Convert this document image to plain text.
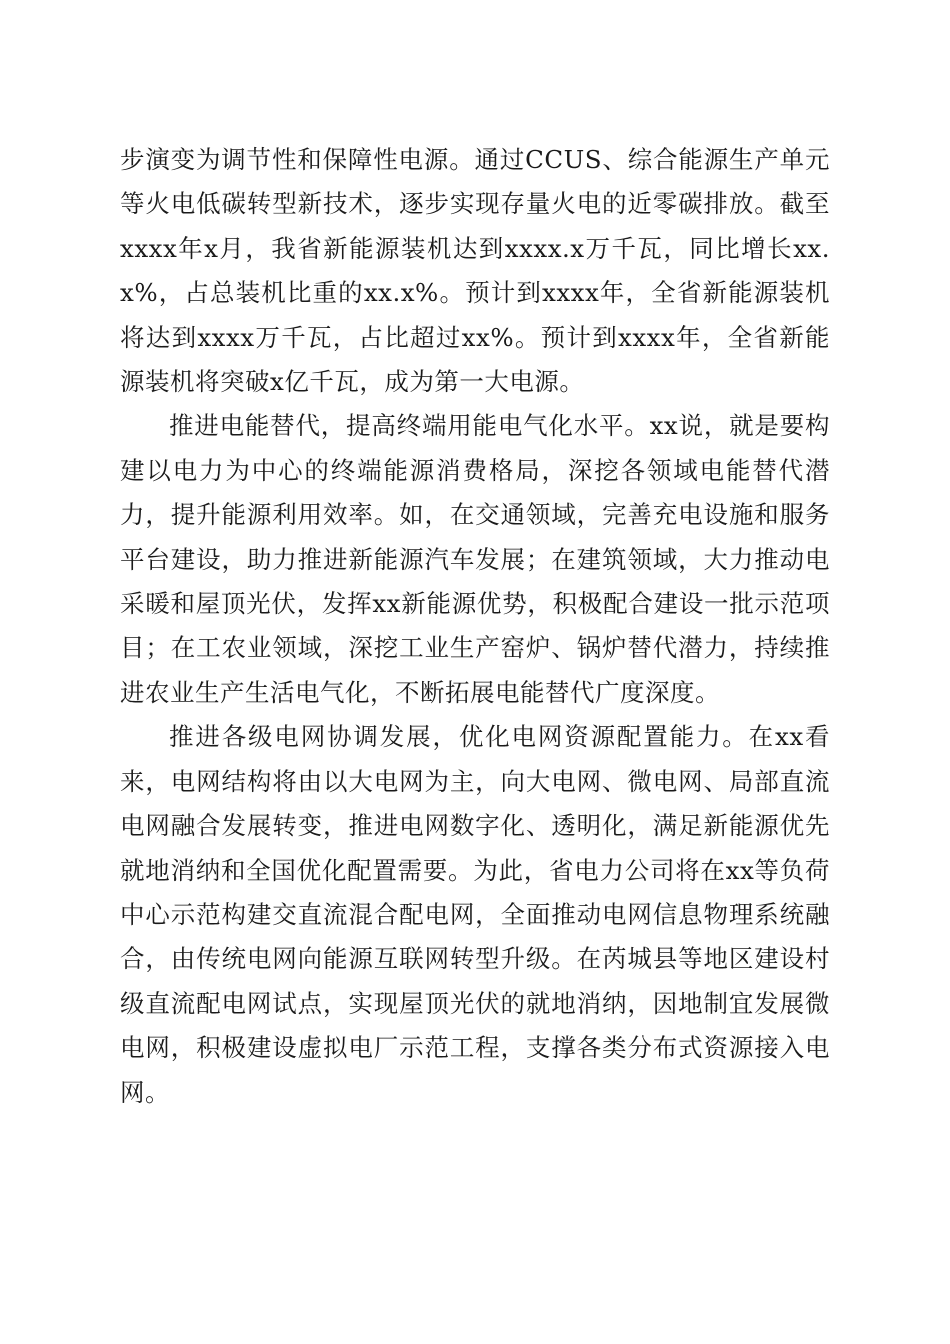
步演变为调节性和保障性电源。通过CCUS、综合能源生产单元等火电低碳转型新技术，逐步实现存量火电的近零碳排放。截至xxxx年x月，我省新能源装机达到xxxx.x万千瓦，同比增长xx.x%，占总装机比重的xx.x%。预计到xxxx年，全省新能源装机将达到xxxx万千瓦，占比超过xx%。预计到xxxx年，全省新能源装机将突破x亿千瓦，成为第一大电源。

推进电能替代，提高终端用能电气化水平。xx说，就是要构建以电力为中心的终端能源消费格局，深挖各领域电能替代潜力，提升能源利用效率。如，在交通领域，完善充电设施和服务平台建设，助力推进新能源汽车发展；在建筑领域，大力推动电采暖和屋顶光伏，发挥xx新能源优势，积极配合建设一批示范项目；在工农业领域，深挖工业生产窑炉、锅炉替代潜力，持续推进农业生产生活电气化，不断拓展电能替代广度深度。

推进各级电网协调发展，优化电网资源配置能力。在xx看来，电网结构将由以大电网为主，向大电网、微电网、局部直流电网融合发展转变，推进电网数字化、透明化，满足新能源优先就地消纳和全国优化配置需要。为此，省电力公司将在xx等负荷中心示范构建交直流混合配电网，全面推动电网信息物理系统融合，由传统电网向能源互联网转型升级。在芮城县等地区建设村级直流配电网试点，实现屋顶光伏的就地消纳，因地制宜发展微电网，积极建设虚拟电厂示范工程，支撑各类分布式资源接入电网。
